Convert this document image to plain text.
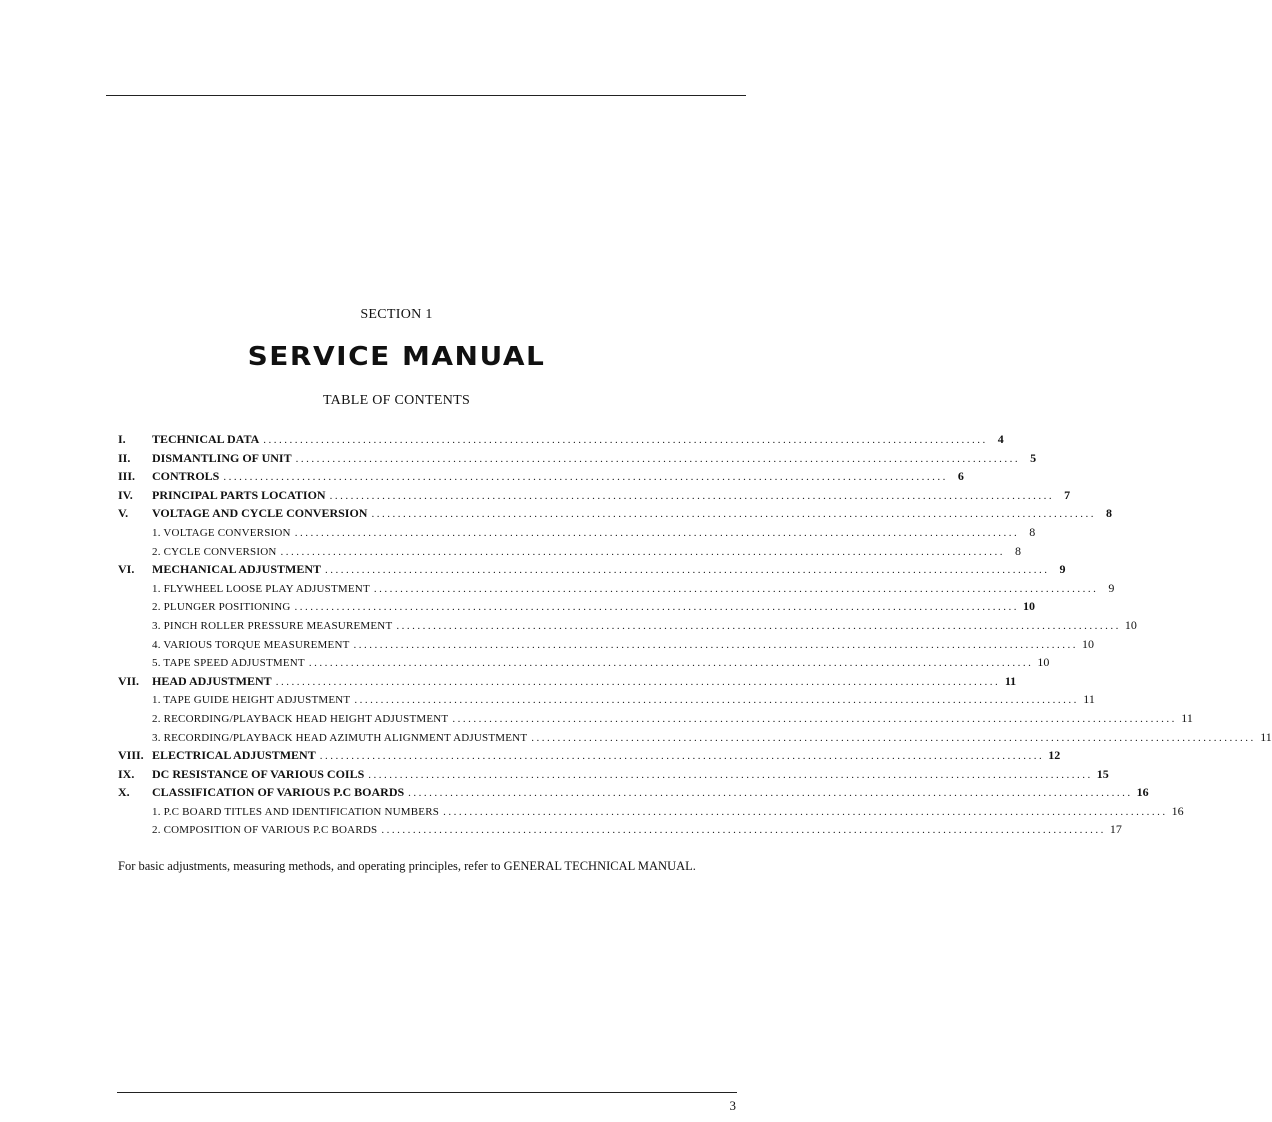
SECTION 1
SERVICE MANUAL
TABLE OF CONTENTS
I.	TECHNICAL DATA .......................................................................................................................................... 4
II.	DISMANTLING OF UNIT .......................................................................................................................................... 5
III.	CONTROLS .......................................................................................................................................... 6
IV.	PRINCIPAL PARTS LOCATION .......................................................................................................................................... 7
V.	VOLTAGE AND CYCLE CONVERSION .......................................................................................................................................... 8
1. VOLTAGE CONVERSION .......................................................................................................................................... 8
2. CYCLE CONVERSION .......................................................................................................................................... 8
VI.	MECHANICAL ADJUSTMENT .......................................................................................................................................... 9
1. FLYWHEEL LOOSE PLAY ADJUSTMENT .......................................................................................................................................... 9
2. PLUNGER POSITIONING .......................................................................................................................................... 10
3. PINCH ROLLER PRESSURE MEASUREMENT .......................................................................................................................................... 10
4. VARIOUS TORQUE MEASUREMENT .......................................................................................................................................... 10
5. TAPE SPEED ADJUSTMENT .......................................................................................................................................... 10
VII.	HEAD ADJUSTMENT .......................................................................................................................................... 11
1. TAPE GUIDE HEIGHT ADJUSTMENT .......................................................................................................................................... 11
2. RECORDING/PLAYBACK HEAD HEIGHT ADJUSTMENT .......................................................................................................................................... 11
3. RECORDING/PLAYBACK HEAD AZIMUTH ALIGNMENT ADJUSTMENT .......................................................................................................................................... 11
VIII. ELECTRICAL ADJUSTMENT .......................................................................................................................................... 12
IX.	DC RESISTANCE OF VARIOUS COILS .......................................................................................................................................... 15
X.	CLASSIFICATION OF VARIOUS P.C BOARDS .......................................................................................................................................... 16
1. P.C BOARD TITLES AND IDENTIFICATION NUMBERS .......................................................................................................................................... 16
2. COMPOSITION OF VARIOUS P.C BOARDS .......................................................................................................................................... 17
For basic adjustments, measuring methods, and operating principles, refer to GENERAL TECHNICAL MANUAL.
3
